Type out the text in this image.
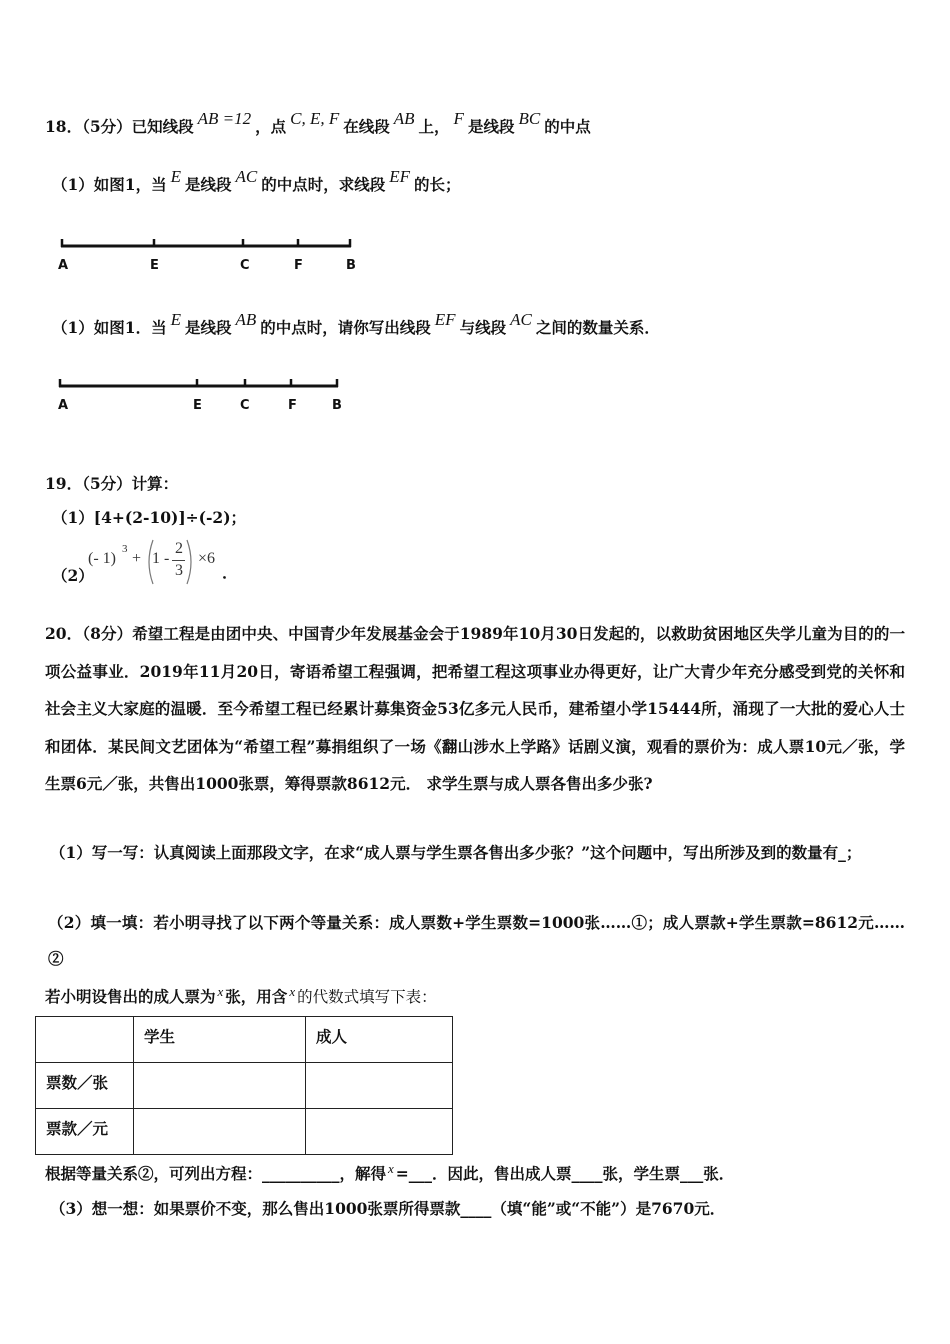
18．（5分）已知线段 AB =12 ，点 C, E, F 在线段 AB 上， F 是线段 BC 的中点
（1）如图1，当 E 是线段 AC 的中点时，求线段 EF 的长；
A	E	C	F	B
（1）如图1．当 E 是线段 AB 的中点时，请你写出线段 EF 与线段 AC 之间的数量关系．
A	E	C	F	B
19．（5分）计算：
（1）[4+(2-10)]÷(-2)；
（2）
(- 1)
3
+ 1 -
2
3
×6
．
20．（8分）希望工程是由团中央、中国青少年发展基金会于1989年10月30日发起的，以救助贫困地区失学儿童为目的的一项公益事业．2019年11月20日，寄语希望工程强调，把希望工程这项事业办得更好，让广大青少年充分感受到党的关怀和社会主义大家庭的温暖．至今希望工程已经累计募集资金53亿多元人民币，建希望小学15444所，涌现了一大批的爱心人士和团体．某民间文艺团体为“希望工程”募捐组织了一场《翻山涉水上学路》话剧义演，观看的票价为：成人票10元／张，学生票6元／张，共售出1000张票，筹得票款8612元． 求学生票与成人票各售出多少张?
（1）写一写：认真阅读上面那段文字，在求“成人票与学生票各售出多少张？”这个问题中，写出所涉及到的数量有_；
（2）填一填：若小明寻找了以下两个等量关系：成人票数+学生票数=1000张……①；成人票款+学生票款=8612元……②
若小明设售出的成人票为 $^x$ 张，用含 $^x$ 的代数式填写下表：
	学生	成人
票数／张		
票款／元		
根据等量关系②，可列出方程：__________，解得 $^x$ =___．因此，售出成人票____张，学生票___张．
（3）想一想：如果票价不变，那么售出1000张票所得票款____（填“能”或“不能”）是7670元．
